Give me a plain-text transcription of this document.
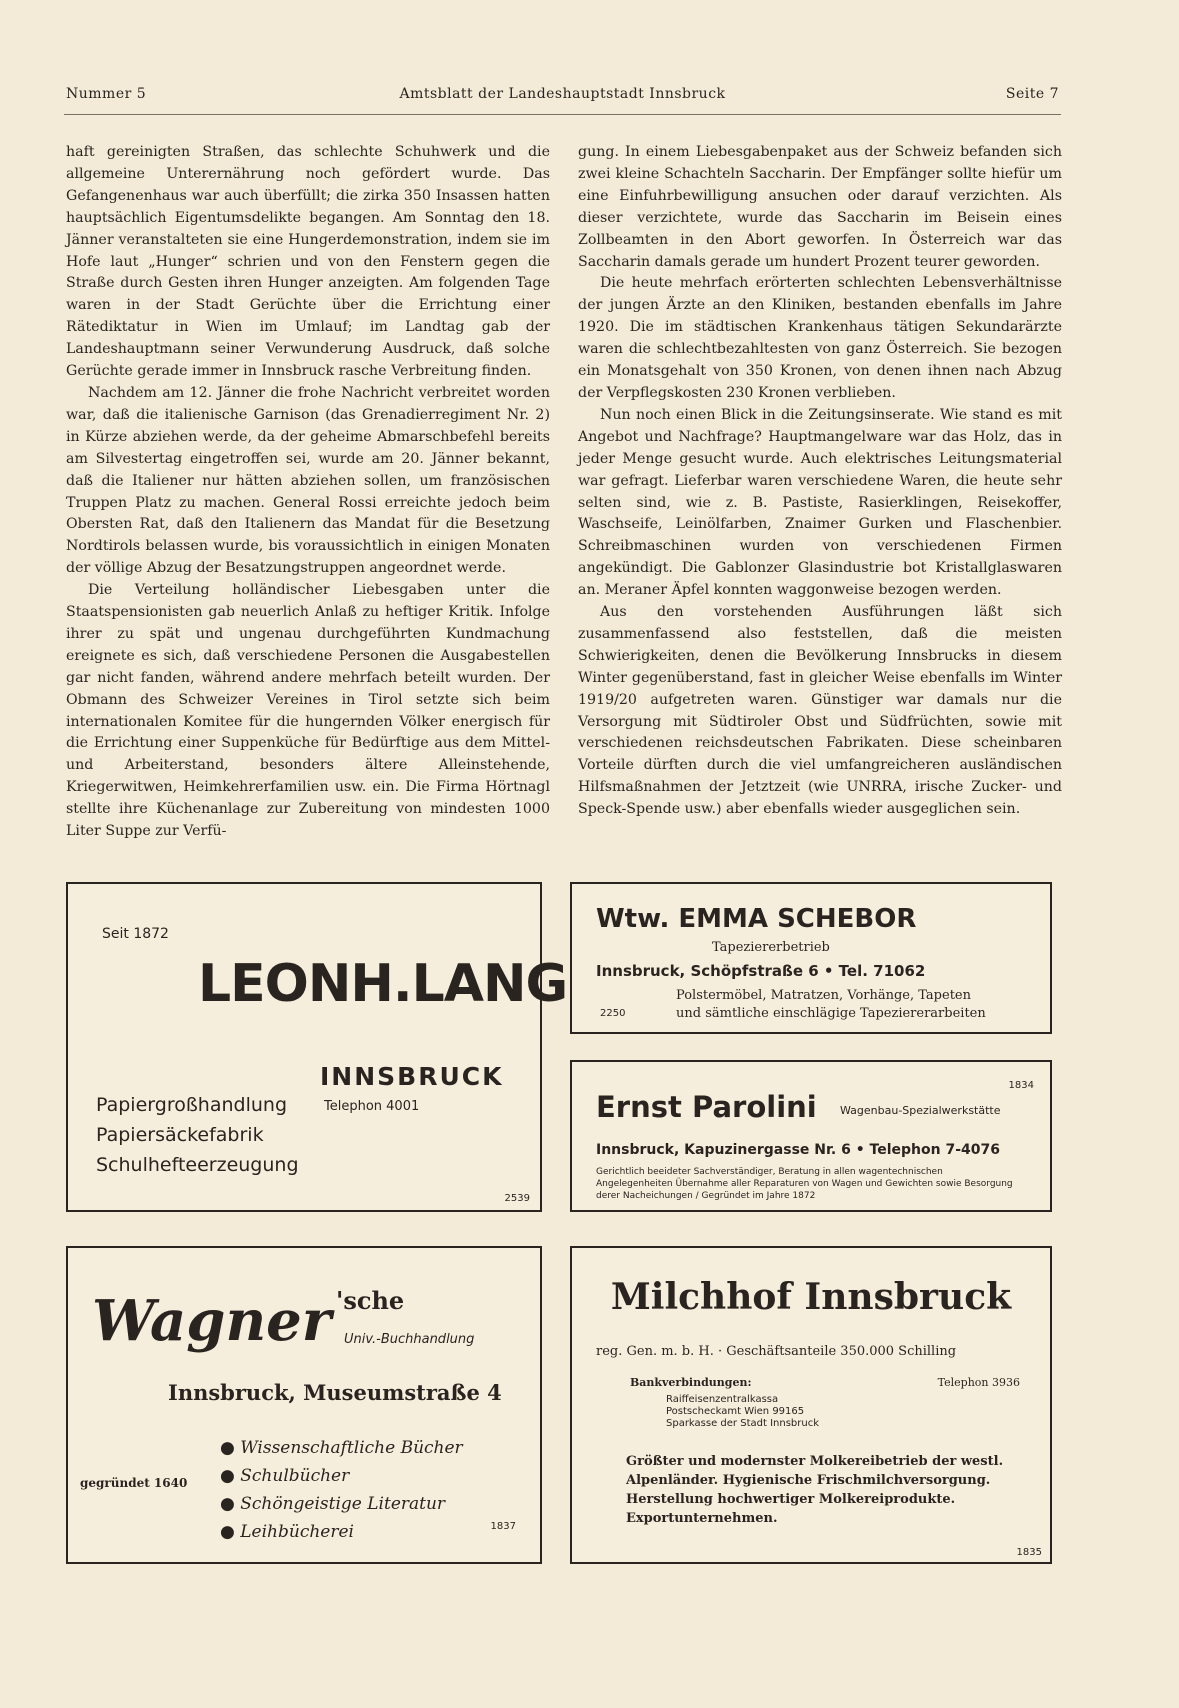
Nummer 5	Amtsblatt der Landeshauptstadt Innsbruck	Seite 7

haft gereinigten Straßen, das schlechte Schuhwerk und die allgemeine Unterernährung noch gefördert wurde. Das Gefangenenhaus war auch überfüllt; die zirka 350 Insassen hatten hauptsächlich Eigentumsdelikte begangen. Am Sonntag den 18. Jänner veranstalteten sie eine Hungerdemonstration, indem sie im Hofe laut „Hunger“ schrien und von den Fenstern gegen die Straße durch Gesten ihren Hunger anzeigten. Am folgenden Tage waren in der Stadt Gerüchte über die Errichtung einer Rätediktatur in Wien im Umlauf; im Landtag gab der Landeshauptmann seiner Verwunderung Ausdruck, daß solche Gerüchte gerade immer in Innsbruck rasche Verbreitung finden.

Nachdem am 12. Jänner die frohe Nachricht verbreitet worden war, daß die italienische Garnison (das Grenadierregiment Nr. 2) in Kürze abziehen werde, da der geheime Abmarschbefehl bereits am Silvestertag eingetroffen sei, wurde am 20. Jänner bekannt, daß die Italiener nur hätten abziehen sollen, um französischen Truppen Platz zu machen. General Rossi erreichte jedoch beim Obersten Rat, daß den Italienern das Mandat für die Besetzung Nordtirols belassen wurde, bis voraussichtlich in einigen Monaten der völlige Abzug der Besatzungstruppen angeordnet werde.

Die Verteilung holländischer Liebesgaben unter die Staatspensionisten gab neuerlich Anlaß zu heftiger Kritik. Infolge ihrer zu spät und ungenau durchgeführten Kundmachung ereignete es sich, daß verschiedene Personen die Ausgabestellen gar nicht fanden, während andere mehrfach beteilt wurden. Der Obmann des Schweizer Vereines in Tirol setzte sich beim internationalen Komitee für die hungernden Völker energisch für die Errichtung einer Suppenküche für Bedürftige aus dem Mittel- und Arbeiterstand, besonders ältere Alleinstehende, Kriegerwitwen, Heimkehrerfamilien usw. ein. Die Firma Hörtnagl stellte ihre Küchenanlage zur Zubereitung von mindesten 1000 Liter Suppe zur Verfü-

gung. In einem Liebesgabenpaket aus der Schweiz befanden sich zwei kleine Schachteln Saccharin. Der Empfänger sollte hiefür um eine Einfuhrbewilligung ansuchen oder darauf verzichten. Als dieser verzichtete, wurde das Saccharin im Beisein eines Zollbeamten in den Abort geworfen. In Österreich war das Saccharin damals gerade um hundert Prozent teurer geworden.

Die heute mehrfach erörterten schlechten Lebensverhältnisse der jungen Ärzte an den Kliniken, bestanden ebenfalls im Jahre 1920. Die im städtischen Krankenhaus tätigen Sekundarärzte waren die schlechtbezahltesten von ganz Österreich. Sie bezogen ein Monatsgehalt von 350 Kronen, von denen ihnen nach Abzug der Verpflegskosten 230 Kronen verblieben.

Nun noch einen Blick in die Zeitungsinserate. Wie stand es mit Angebot und Nachfrage? Hauptmangelware war das Holz, das in jeder Menge gesucht wurde. Auch elektrisches Leitungsmaterial war gefragt. Lieferbar waren verschiedene Waren, die heute sehr selten sind, wie z. B. Pastiste, Rasierklingen, Reisekoffer, Waschseife, Leinölfarben, Znaimer Gurken und Flaschenbier. Schreibmaschinen wurden von verschiedenen Firmen angekündigt. Die Gablonzer Glasindustrie bot Kristallglaswaren an. Meraner Äpfel konnten waggonweise bezogen werden.

Aus den vorstehenden Ausführungen läßt sich zusammenfassend also feststellen, daß die meisten Schwierigkeiten, denen die Bevölkerung Innsbrucks in diesem Winter gegenüberstand, fast in gleicher Weise ebenfalls im Winter 1919/20 aufgetreten waren. Günstiger war damals nur die Versorgung mit Südtiroler Obst und Südfrüchten, sowie mit verschiedenen reichsdeutschen Fabrikaten. Diese scheinbaren Vorteile dürften durch die viel umfangreicheren ausländischen Hilfsmaßnahmen der Jetztzeit (wie UNRRA, irische Zucker- und Speck-Spende usw.) aber ebenfalls wieder ausgeglichen sein.

Seit 1872
LEONH.LANG
INNSBRUCK
Telephon 4001
Papiergroßhandlung
Papiersäckefabrik
Schulhefteerzeugung
2539
Wtw. EMMA SCHEBOR
Tapeziererbetrieb
Innsbruck, Schöpfstraße 6 • Tel. 71062
Polstermöbel, Matratzen, Vorhänge, Tapeten
und sämtliche einschlägige Tapeziererarbeiten
2250
1834
Ernst Parolini Wagenbau-Spezialwerkstätte
Innsbruck, Kapuzinergasse Nr. 6 • Telephon 7-4076
Gerichtlich beeideter Sachverständiger, Beratung in allen wagentechnischen
Angelegenheiten Übernahme aller Reparaturen von Wagen und Gewichten sowie Besorgung derer Nacheichungen / Gegründet im Jahre 1872
Wagner 'sche
Univ.-Buchhandlung
Innsbruck, Museumstraße 4
gegründet 1640
● Wissenschaftliche Bücher
● Schulbücher
● Schöngeistige Literatur
● Leihbücherei	1837
Milchhof Innsbruck
reg. Gen. m. b. H. · Geschäftsanteile 350.000 Schilling
Bankverbindungen:	Telephon 3936
Raiffeisenzentralkassa
Postscheckamt Wien 99165
Sparkasse der Stadt Innsbruck
Größter und modernster Molkereibetrieb der westl. Alpenländer. Hygienische Frischmilchversorgung. Herstellung hochwertiger Molkereiprodukte. Exportunternehmen.
1835
